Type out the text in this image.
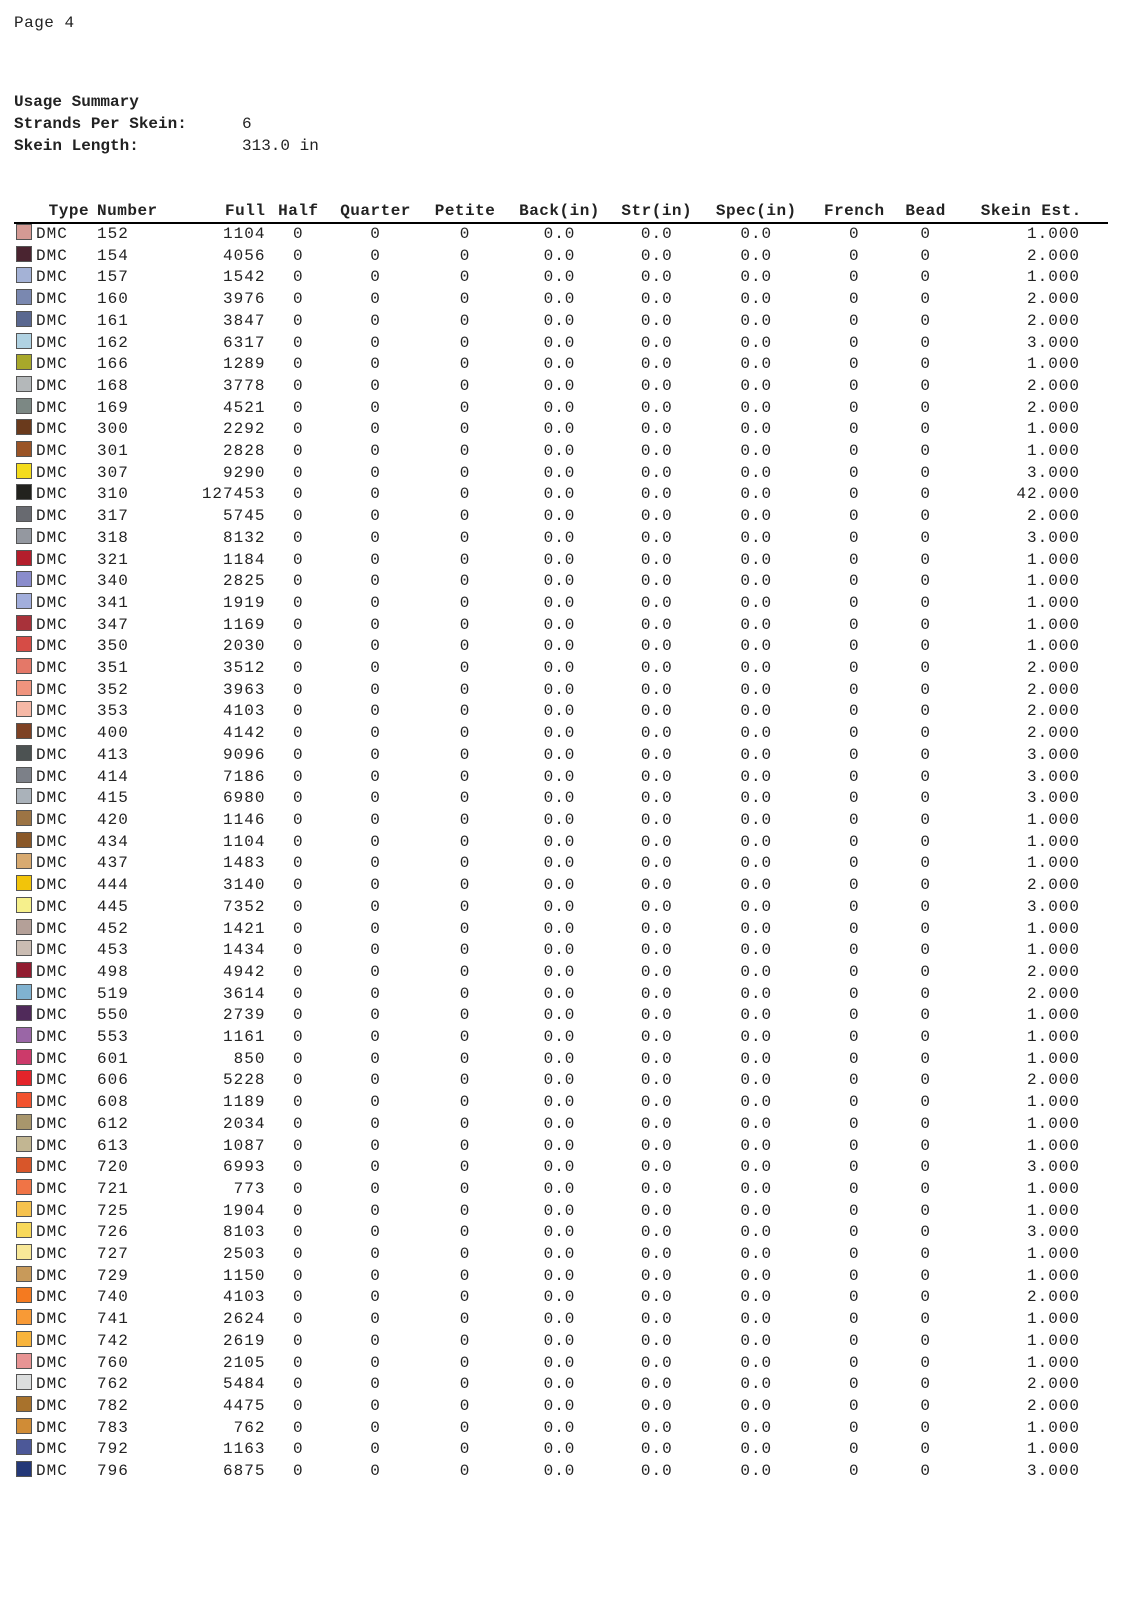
Page 4
Usage Summary
Strands Per Skein:	6
Skein Length:	313.0 in
Type	Number	Full	Half	Quarter	Petite	Back(in)	Str(in)	Spec(in)	French	Bead	Skein Est.
DMC	152	1104	0	0	0	0.0	0.0	0.0	0	0	1.000
DMC	154	4056	0	0	0	0.0	0.0	0.0	0	0	2.000
DMC	157	1542	0	0	0	0.0	0.0	0.0	0	0	1.000
DMC	160	3976	0	0	0	0.0	0.0	0.0	0	0	2.000
DMC	161	3847	0	0	0	0.0	0.0	0.0	0	0	2.000
DMC	162	6317	0	0	0	0.0	0.0	0.0	0	0	3.000
DMC	166	1289	0	0	0	0.0	0.0	0.0	0	0	1.000
DMC	168	3778	0	0	0	0.0	0.0	0.0	0	0	2.000
DMC	169	4521	0	0	0	0.0	0.0	0.0	0	0	2.000
DMC	300	2292	0	0	0	0.0	0.0	0.0	0	0	1.000
DMC	301	2828	0	0	0	0.0	0.0	0.0	0	0	1.000
DMC	307	9290	0	0	0	0.0	0.0	0.0	0	0	3.000
DMC	310	127453	0	0	0	0.0	0.0	0.0	0	0	42.000
DMC	317	5745	0	0	0	0.0	0.0	0.0	0	0	2.000
DMC	318	8132	0	0	0	0.0	0.0	0.0	0	0	3.000
DMC	321	1184	0	0	0	0.0	0.0	0.0	0	0	1.000
DMC	340	2825	0	0	0	0.0	0.0	0.0	0	0	1.000
DMC	341	1919	0	0	0	0.0	0.0	0.0	0	0	1.000
DMC	347	1169	0	0	0	0.0	0.0	0.0	0	0	1.000
DMC	350	2030	0	0	0	0.0	0.0	0.0	0	0	1.000
DMC	351	3512	0	0	0	0.0	0.0	0.0	0	0	2.000
DMC	352	3963	0	0	0	0.0	0.0	0.0	0	0	2.000
DMC	353	4103	0	0	0	0.0	0.0	0.0	0	0	2.000
DMC	400	4142	0	0	0	0.0	0.0	0.0	0	0	2.000
DMC	413	9096	0	0	0	0.0	0.0	0.0	0	0	3.000
DMC	414	7186	0	0	0	0.0	0.0	0.0	0	0	3.000
DMC	415	6980	0	0	0	0.0	0.0	0.0	0	0	3.000
DMC	420	1146	0	0	0	0.0	0.0	0.0	0	0	1.000
DMC	434	1104	0	0	0	0.0	0.0	0.0	0	0	1.000
DMC	437	1483	0	0	0	0.0	0.0	0.0	0	0	1.000
DMC	444	3140	0	0	0	0.0	0.0	0.0	0	0	2.000
DMC	445	7352	0	0	0	0.0	0.0	0.0	0	0	3.000
DMC	452	1421	0	0	0	0.0	0.0	0.0	0	0	1.000
DMC	453	1434	0	0	0	0.0	0.0	0.0	0	0	1.000
DMC	498	4942	0	0	0	0.0	0.0	0.0	0	0	2.000
DMC	519	3614	0	0	0	0.0	0.0	0.0	0	0	2.000
DMC	550	2739	0	0	0	0.0	0.0	0.0	0	0	1.000
DMC	553	1161	0	0	0	0.0	0.0	0.0	0	0	1.000
DMC	601	850	0	0	0	0.0	0.0	0.0	0	0	1.000
DMC	606	5228	0	0	0	0.0	0.0	0.0	0	0	2.000
DMC	608	1189	0	0	0	0.0	0.0	0.0	0	0	1.000
DMC	612	2034	0	0	0	0.0	0.0	0.0	0	0	1.000
DMC	613	1087	0	0	0	0.0	0.0	0.0	0	0	1.000
DMC	720	6993	0	0	0	0.0	0.0	0.0	0	0	3.000
DMC	721	773	0	0	0	0.0	0.0	0.0	0	0	1.000
DMC	725	1904	0	0	0	0.0	0.0	0.0	0	0	1.000
DMC	726	8103	0	0	0	0.0	0.0	0.0	0	0	3.000
DMC	727	2503	0	0	0	0.0	0.0	0.0	0	0	1.000
DMC	729	1150	0	0	0	0.0	0.0	0.0	0	0	1.000
DMC	740	4103	0	0	0	0.0	0.0	0.0	0	0	2.000
DMC	741	2624	0	0	0	0.0	0.0	0.0	0	0	1.000
DMC	742	2619	0	0	0	0.0	0.0	0.0	0	0	1.000
DMC	760	2105	0	0	0	0.0	0.0	0.0	0	0	1.000
DMC	762	5484	0	0	0	0.0	0.0	0.0	0	0	2.000
DMC	782	4475	0	0	0	0.0	0.0	0.0	0	0	2.000
DMC	783	762	0	0	0	0.0	0.0	0.0	0	0	1.000
DMC	792	1163	0	0	0	0.0	0.0	0.0	0	0	1.000
DMC	796	6875	0	0	0	0.0	0.0	0.0	0	0	3.000
